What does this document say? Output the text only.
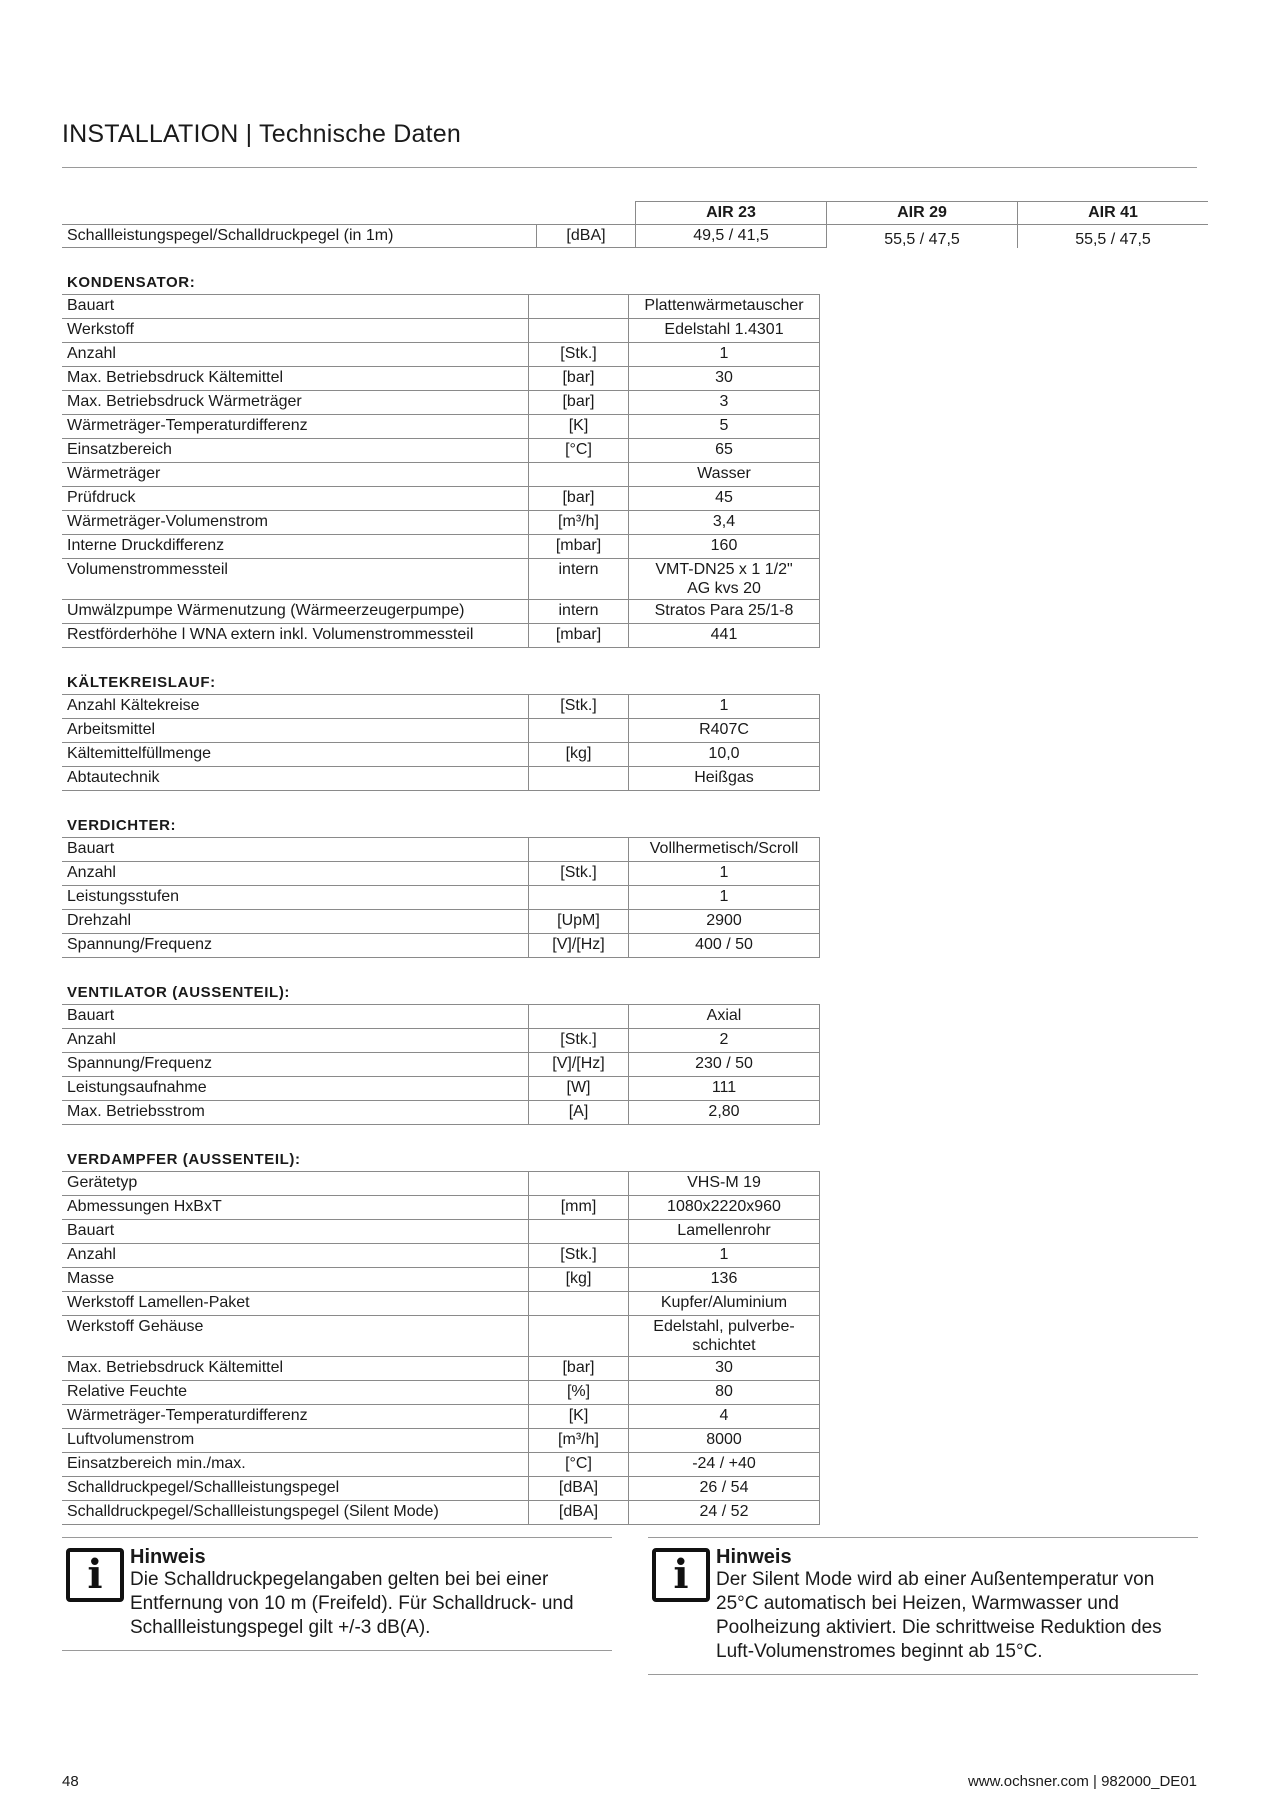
INSTALLATION | Technische Daten
		AIR 23	AIR 29	AIR 41
Schallleistungspegel/Schalldruckpegel (in 1m)	[dBA]	49,5 / 41,5	55,5 / 47,5	55,5 / 47,5
KONDENSATOR:
Bauart		Plattenwärmetauscher
Werkstoff		Edelstahl 1.4301
Anzahl	[Stk.]	1
Max. Betriebsdruck Kältemittel	[bar]	30
Max. Betriebsdruck Wärmeträger	[bar]	3
Wärmeträger-Temperaturdifferenz	[K]	5
Einsatzbereich	[°C]	65
Wärmeträger		Wasser
Prüfdruck	[bar]	45
Wärmeträger-Volumenstrom	[m³/h]	3,4
Interne Druckdifferenz	[mbar]	160
Volumenstrommessteil	intern	VMT-DN25 x 1 1/2"
AG kvs 20
Umwälzpumpe Wärmenutzung (Wärmeerzeugerpumpe)	intern	Stratos Para 25/1-8
Restförderhöhe l WNA extern inkl. Volumenstrommessteil	[mbar]	441
KÄLTEKREISLAUF:
Anzahl Kältekreise	[Stk.]	1
Arbeitsmittel		R407C
Kältemittelfüllmenge	[kg]	10,0
Abtautechnik		Heißgas
VERDICHTER:
Bauart		Vollhermetisch/Scroll
Anzahl	[Stk.]	1
Leistungsstufen		1
Drehzahl	[UpM]	2900
Spannung/Frequenz	[V]/[Hz]	400 / 50
VENTILATOR (AUSSENTEIL):
Bauart		Axial
Anzahl	[Stk.]	2
Spannung/Frequenz	[V]/[Hz]	230 / 50
Leistungsaufnahme	[W]	111
Max. Betriebsstrom	[A]	2,80
VERDAMPFER (AUSSENTEIL):
Gerätetyp		VHS-M 19
Abmessungen HxBxT	[mm]	1080x2220x960
Bauart		Lamellenrohr
Anzahl	[Stk.]	1
Masse	[kg]	136
Werkstoff Lamellen-Paket		Kupfer/Aluminium
Werkstoff Gehäuse		Edelstahl, pulverbe-
schichtet
Max. Betriebsdruck Kältemittel	[bar]	30
Relative Feuchte	[%]	80
Wärmeträger-Temperaturdifferenz	[K]	4
Luftvolumenstrom	[m³/h]	8000
Einsatzbereich min./max.	[°C]	-24 / +40
Schalldruckpegel/Schallleistungspegel	[dBA]	26 / 54
Schalldruckpegel/Schallleistungspegel (Silent Mode)	[dBA]	24 / 52
i	Hinweis

Die Schalldruckpegelangaben gelten bei bei einer Entfernung von 10 m (Freifeld). Für Schalldruck- und Schallleistungspegel gilt +/-3 dB(A).

i	Hinweis

Der Silent Mode wird ab einer Außentemperatur von 25°C automatisch bei Heizen, Warmwasser und Poolheizung aktiviert. Die schrittweise Reduktion des Luft-Volumenstromes beginnt ab 15°C.

48	www.ochsner.com | 982000_DE01
